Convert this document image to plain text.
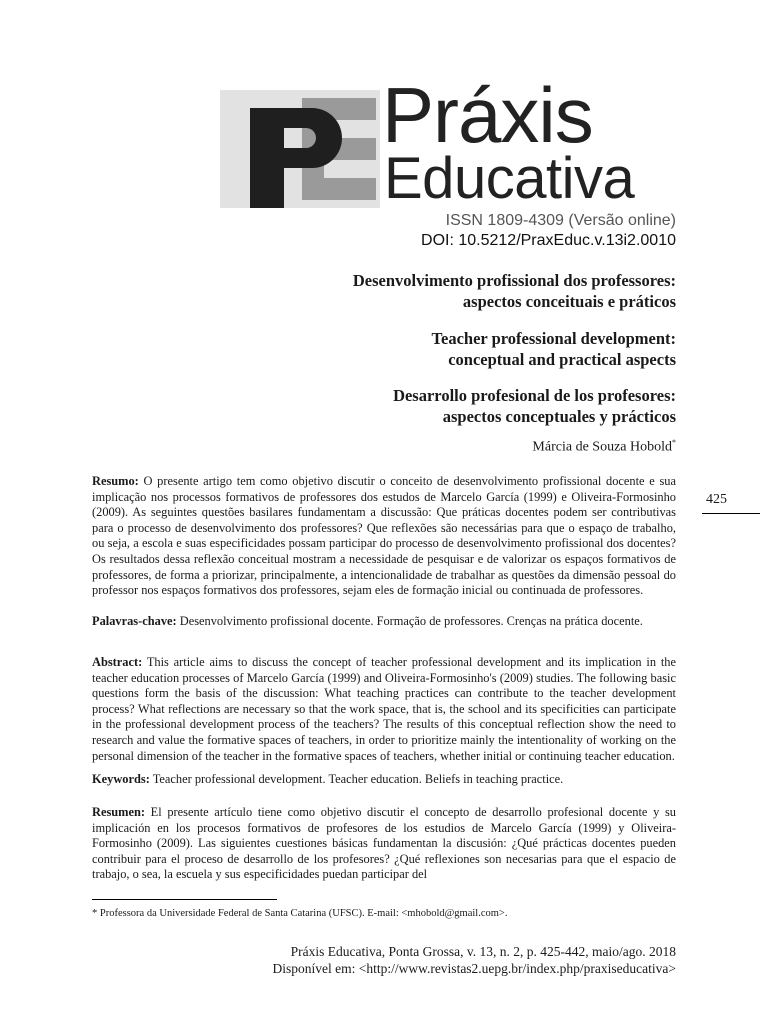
Práxis
Educativa
ISSN 1809-4309 (Versão online)
DOI: 10.5212/PraxEduc.v.13i2.0010
Desenvolvimento profissional dos professores:
aspectos conceituais e práticos
Teacher professional development:
conceptual and practical aspects
Desarrollo profesional de los profesores:
aspectos conceptuales y prácticos
Márcia de Souza Hobold*
425

Resumo: O presente artigo tem como objetivo discutir o conceito de desenvolvimento profissional docente e sua implicação nos processos formativos de professores dos estudos de Marcelo García (1999) e Oliveira-Formosinho (2009). As seguintes questões basilares fundamentam a discussão: Que práticas docentes podem ser contributivas para o processo de desenvolvimento dos professores? Que reflexões são necessárias para que o espaço de trabalho, ou seja, a escola e suas especificidades possam participar do processo de desenvolvimento profissional dos docentes? Os resultados dessa reflexão conceitual mostram a necessidade de pesquisar e de valorizar os espaços formativos de professores, de forma a priorizar, principalmente, a intencionalidade de trabalhar as questões da dimensão pessoal do professor nos espaços formativos dos professores, sejam eles de formação inicial ou continuada de professores.

Palavras-chave: Desenvolvimento profissional docente. Formação de professores. Crenças na prática docente.

Abstract: This article aims to discuss the concept of teacher professional development and its implication in the teacher education processes of Marcelo García (1999) and Oliveira-Formosinho's (2009) studies. The following basic questions form the basis of the discussion: What teaching practices can contribute to the teacher development process? What reflections are necessary so that the work space, that is, the school and its specificities can participate in the professional development process of the teachers? The results of this conceptual reflection show the need to research and value the formative spaces of teachers, in order to prioritize mainly the intentionality of working on the personal dimension of the teacher in the formative spaces of teachers, whether initial or continuing teacher education.

Keywords: Teacher professional development. Teacher education. Beliefs in teaching practice.

Resumen: El presente artículo tiene como objetivo discutir el concepto de desarrollo profesional docente y su implicación en los procesos formativos de profesores de los estudios de Marcelo García (1999) y Oliveira-Formosinho (2009). Las siguientes cuestiones básicas fundamentan la discusión: ¿Qué prácticas docentes pueden contribuir para el proceso de desarrollo de los profesores? ¿Qué reflexiones son necesarias para que el espacio de trabajo, o sea, la escuela y sus especificidades puedan participar del

* Professora da Universidade Federal de Santa Catarina (UFSC). E-mail: <mhobold@gmail.com>.
Práxis Educativa, Ponta Grossa, v. 13, n. 2, p. 425-442, maio/ago. 2018
Disponível em: <http://www.revistas2.uepg.br/index.php/praxiseducativa>
